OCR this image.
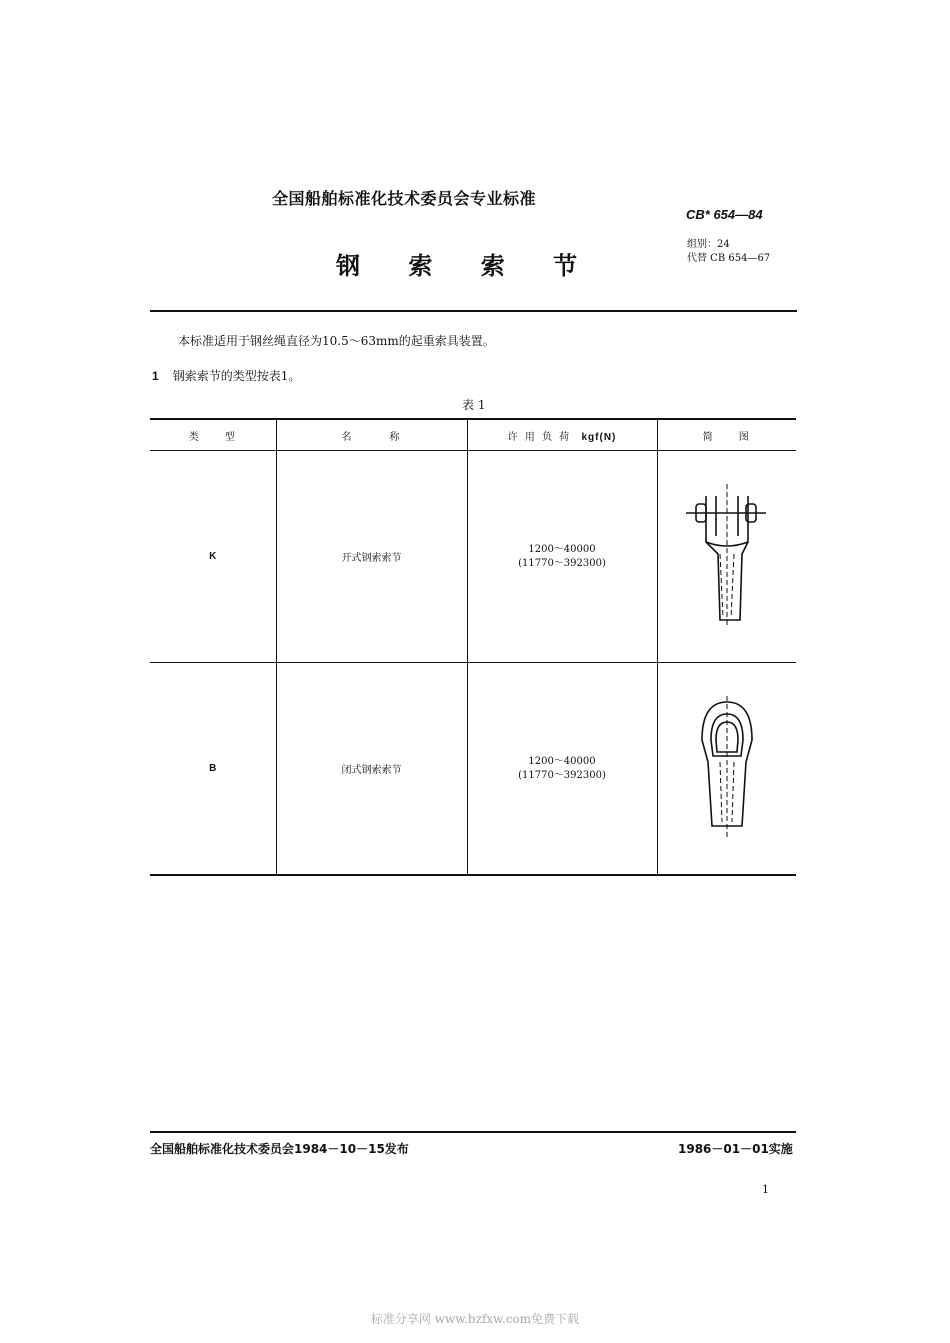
全国船舶标准化技术委员会专业标准
CB* 654—84
组别：24
代替 CB 654—67
钢 索 索 节
本标准适用于钢丝绳直径为10.5～63mm的起重索具装置。
1 钢索索节的类型按表1。
表 1
类　　型	名　　　称	许 用 负 荷 kgf(N)	简　　图
K	开式钢索索节	1200～40000
(11770～392300)

B	闭式钢索索节	1200～40000
(11770～392300)

全国船舶标准化技术委员会1984－10－15发布	1986－01－01实施
1
标准分享网 www.bzfxw.com免费下载
